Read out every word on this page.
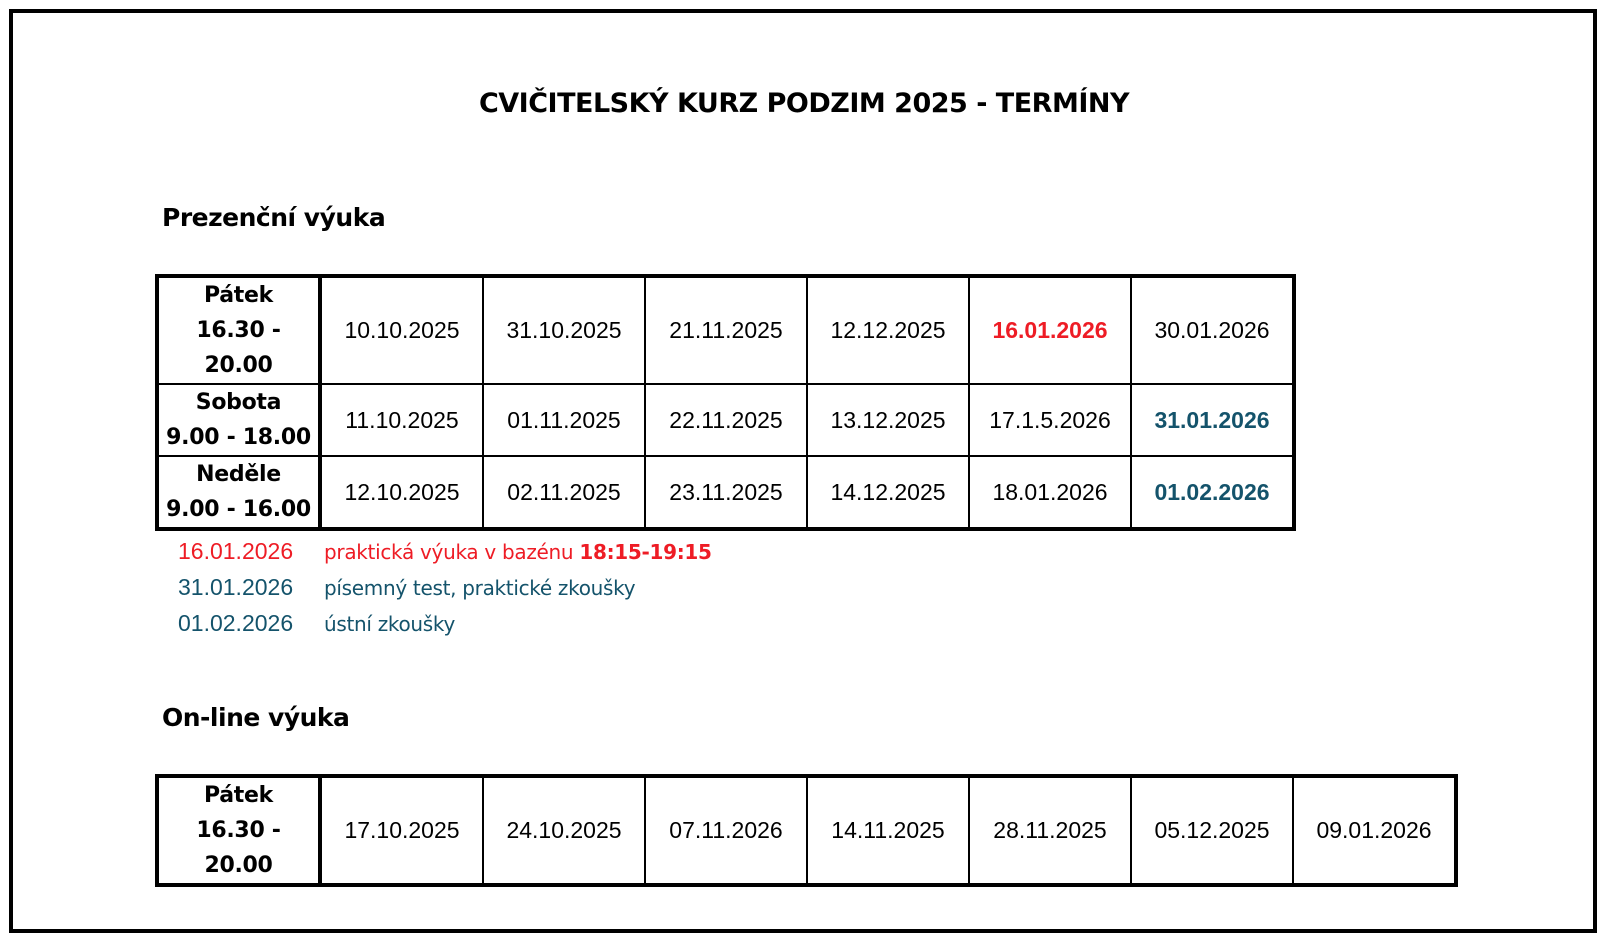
CVIČITELSKÝ KURZ PODZIM 2025 - TERMÍNY
Prezenční výuka
Pátek
16.30 - 20.00	10.10.2025	31.10.2025	21.11.2025	12.12.2025	16.01.2026	30.01.2026

Sobota
9.00 - 18.00	11.10.2025	01.11.2025	22.11.2025	13.12.2025	17.1.5.2026	31.01.2026

Neděle
9.00 - 16.00	12.10.2025	02.11.2025	23.11.2025	14.12.2025	18.01.2026	01.02.2026
16.01.2026	praktická výuka v bazénu 18:15-19:15
31.01.2026	písemný test, praktické zkoušky
01.02.2026	ústní zkoušky
On-line výuka
Pátek
16.30 - 20.00
	17.10.2025	24.10.2025	07.11.2026	14.11.2025	28.11.2025	05.12.2025	09.01.2026
